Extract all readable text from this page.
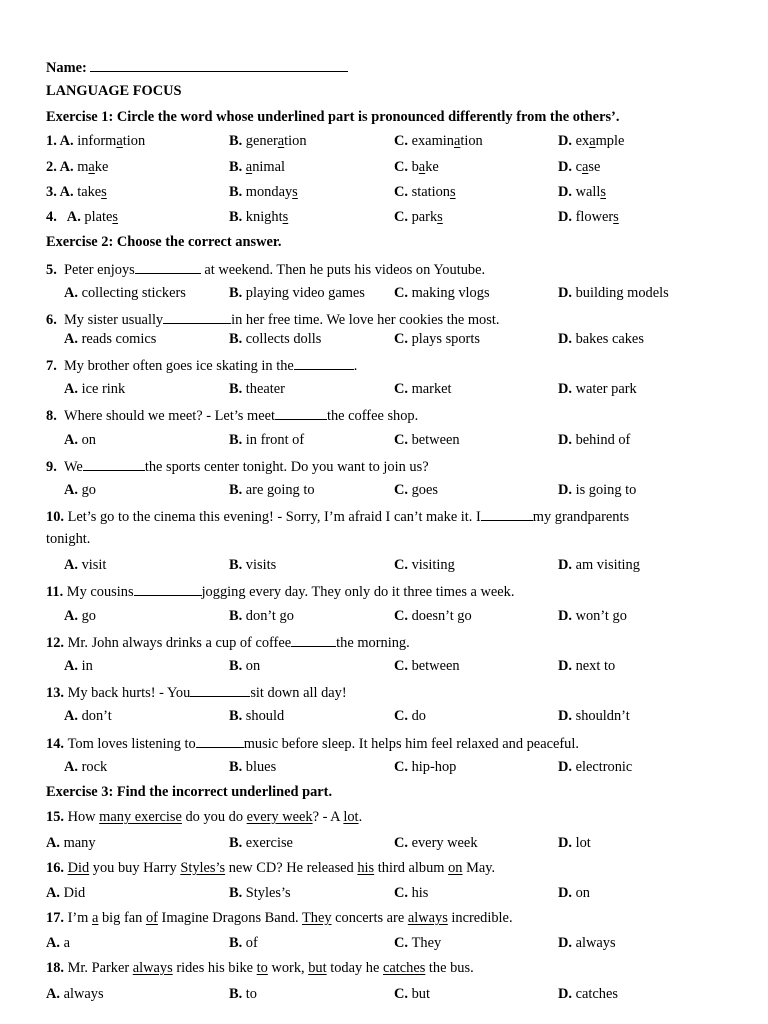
Name:
LANGUAGE FOCUS
Exercise 1: Circle the word whose underlined part is pronounced differently from the others’.
1. A. information	B. generation	C. examination	D. example
2. A. make	B. animal	C. bake	D. case
3. A. takes	B. mondays	C. stations	D. walls
4.   A. plates	B. knights	C. parks	D. flowers
Exercise 2: Choose the correct answer.
5.  Peter enjoys	at weekend. Then he puts his videos on Youtube.
A. collecting stickers	B. playing video games C. making vlogs	D. building models
6.  My sister usually	in her free time. We love her cookies the most.
A. reads comics	B. collects dolls	C. plays sports	D. bakes cakes
7.  My brother often goes ice skating in the	.
A. ice rink	B. theater	C. market	D. water park
8.  Where should we meet? - Let’s meet	the coffee shop.
A. on	B. in front of	C. between	D. behind of
9.  We	the sports center tonight. Do you want to join us?
A. go	B. are going to	C. goes	D. is going to
10. Let’s go to the cinema this evening! - Sorry, I’m afraid I can’t make it. I	my grandparents
tonight.
A. visit	B. visits	C. visiting	D. am visiting
11. My cousins	jogging every day. They only do it three times a week.
A. go	B. don’t go	C. doesn’t go	D. won’t go
12. Mr. John always drinks a cup of coffee	the morning.
A. in	B. on	C. between	D. next to
13. My back hurts! - You	sit down all day!
A. don’t	B. should	C. do	D. shouldn’t
14. Tom loves listening to	music before sleep. It helps him feel relaxed and peaceful.
A. rock	B. blues	C. hip-hop	D. electronic
Exercise 3: Find the incorrect underlined part.
15. How many exercise do you do every week? - A lot.
A. many	B. exercise	C. every week	D. lot
16. Did you buy Harry Styles’s new CD? He released his third album on May.
A. Did	B. Styles’s	C. his	D. on
17. I’m a big fan of Imagine Dragons Band. They concerts are always incredible.
A. a	B. of	C. They	D. always
18. Mr. Parker always rides his bike to work, but today he catches the bus.
A. always	B. to	C. but	D. catches
